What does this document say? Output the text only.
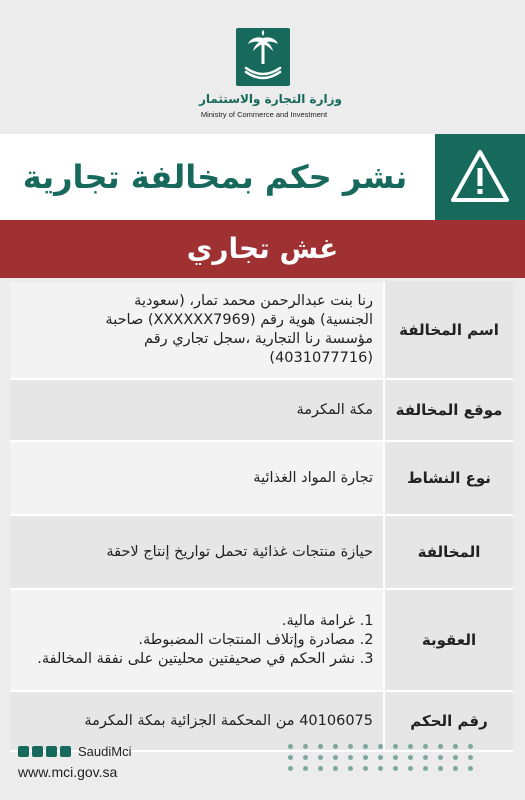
وزارة التجارة والاستثمار
Ministry of Commerce and Investment
نشر حكم بمخالفة تجارية
غش تجاري
اسم المخالفة
رنا بنت عبدالرحمن محمد تمار، (سعودية
الجنسية) هوية رقم (XXXXXX7969) صاحبة
مؤسسة رنا التجارية ،سجل تجاري رقم
(4031077716)
موقع المخالفة
مكة المكرمة
نوع النشاط
تجارة المواد الغذائية
المخالفة
حيازة منتجات غذائية تحمل تواريخ إنتاج لاحقة
العقوبة
1. غرامة مالية.
2. مصادرة وإتلاف المنتجات المضبوطة.
3. نشر الحكم في صحيفتين محليتين على نفقة المخالفة.
رقم الحكم
40106075 من المحكمة الجزائية بمكة المكرمة
SaudiMci
www.mci.gov.sa
